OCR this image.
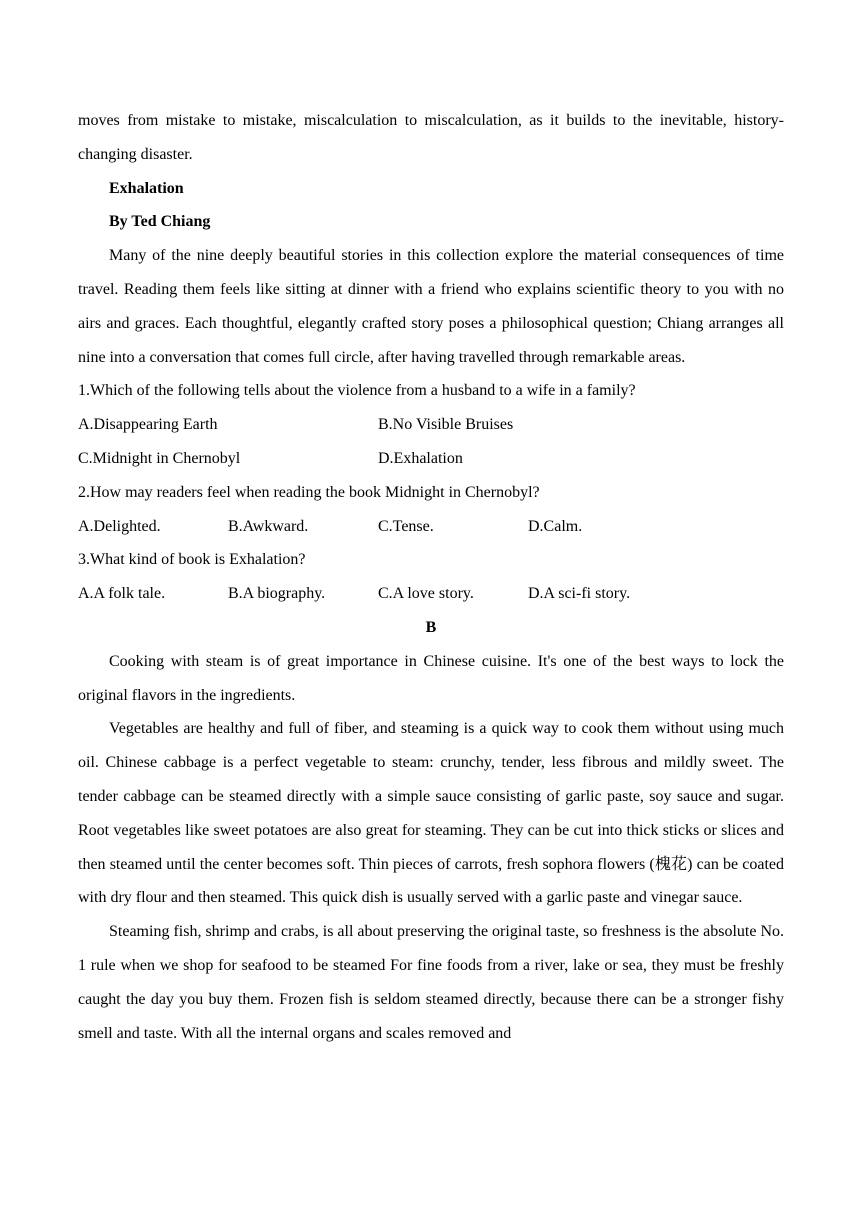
moves from mistake to mistake, miscalculation to miscalculation, as it builds to the inevitable, history-changing disaster.

Exhalation

By Ted Chiang

Many of the nine deeply beautiful stories in this collection explore the material consequences of time travel. Reading them feels like sitting at dinner with a friend who explains scientific theory to you with no airs and graces. Each thoughtful, elegantly crafted story poses a philosophical question; Chiang arranges all nine into a conversation that comes full circle, after having travelled through remarkable areas.

1.Which of the following tells about the violence from a husband to a wife in a family?

A.Disappearing Earth	B.No Visible Bruises
C.Midnight in Chernobyl	D.Exhalation

2.How may readers feel when reading the book Midnight in Chernobyl?

A.Delighted.	B.Awkward.	C.Tense.	D.Calm.

3.What kind of book is Exhalation?

A.A folk tale.	B.A biography.	C.A love story.	D.A sci-fi story.

B

Cooking with steam is of great importance in Chinese cuisine. It's one of the best ways to lock the original flavors in the ingredients.

Vegetables are healthy and full of fiber, and steaming is a quick way to cook them without using much oil. Chinese cabbage is a perfect vegetable to steam: crunchy, tender, less fibrous and mildly sweet. The tender cabbage can be steamed directly with a simple sauce consisting of garlic paste, soy sauce and sugar. Root vegetables like sweet potatoes are also great for steaming. They can be cut into thick sticks or slices and then steamed until the center becomes soft. Thin pieces of carrots, fresh sophora flowers (槐花) can be coated with dry flour and then steamed. This quick dish is usually served with a garlic paste and vinegar sauce.

Steaming fish, shrimp and crabs, is all about preserving the original taste, so freshness is the absolute No. 1 rule when we shop for seafood to be steamed For fine foods from a river, lake or sea, they must be freshly caught the day you buy them. Frozen fish is seldom steamed directly, because there can be a stronger fishy smell and taste. With all the internal organs and scales removed and
